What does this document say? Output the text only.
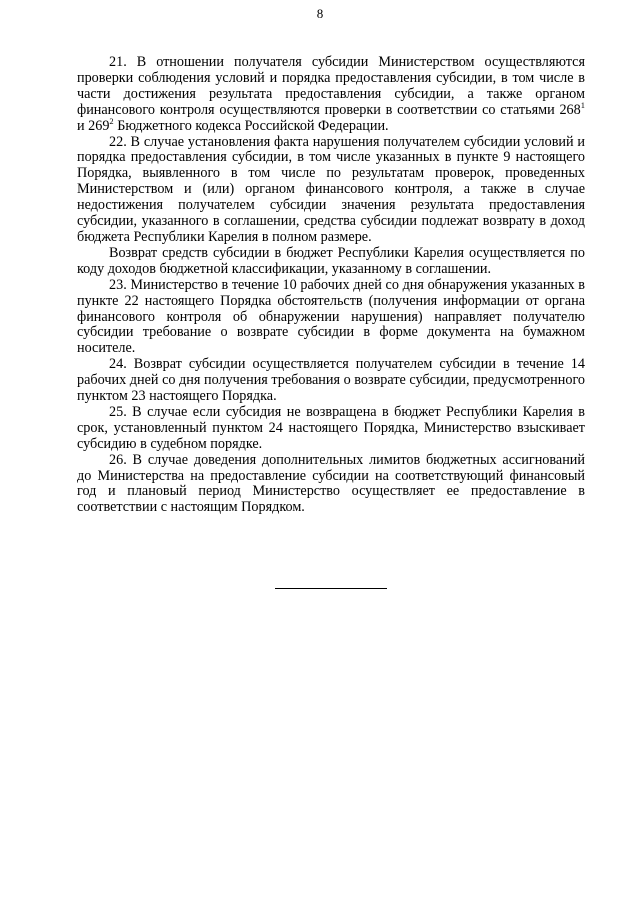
8

21. В отношении получателя субсидии Министерством осуществляются проверки соблюдения условий и порядка предоставления субсидии, в том числе в части достижения результата предоставления субсидии, а также органом финансового контроля осуществляются проверки в соответствии со статьями $268^1$ и $269^2$ Бюджетного кодекса Российской Федерации.

22. В случае установления факта нарушения получателем субсидии условий и порядка предоставления субсидии, в том числе указанных в пункте 9 настоящего Порядка, выявленного в том числе по результатам проверок, проведенных Министерством и (или) органом финансового контроля, а также в случае недостижения получателем субсидии значения результата предоставления субсидии, указанного в соглашении, средства субсидии подлежат возврату в доход бюджета Республики Карелия в полном размере.

Возврат средств субсидии в бюджет Республики Карелия осуществляется по коду доходов бюджетной классификации, указанному в соглашении.

23. Министерство в течение 10 рабочих дней со дня обнаружения указанных в пункте 22 настоящего Порядка обстоятельств (получения информации от органа финансового контроля об обнаружении нарушения) направляет получателю субсидии требование о возврате субсидии в форме документа на бумажном носителе.

24. Возврат субсидии осуществляется получателем субсидии в течение 14 рабочих дней со дня получения требования о возврате субсидии, предусмотренного пунктом 23 настоящего Порядка.

25. В случае если субсидия не возвращена в бюджет Республики Карелия в срок, установленный пунктом 24 настоящего Порядка, Министерство взыскивает субсидию в судебном порядке.

26. В случае доведения дополнительных лимитов бюджетных ассигнований до Министерства на предоставление субсидии на соответствующий финансовый год и плановый период Министерство осуществляет ее предоставление в соответствии с настоящим Порядком.
